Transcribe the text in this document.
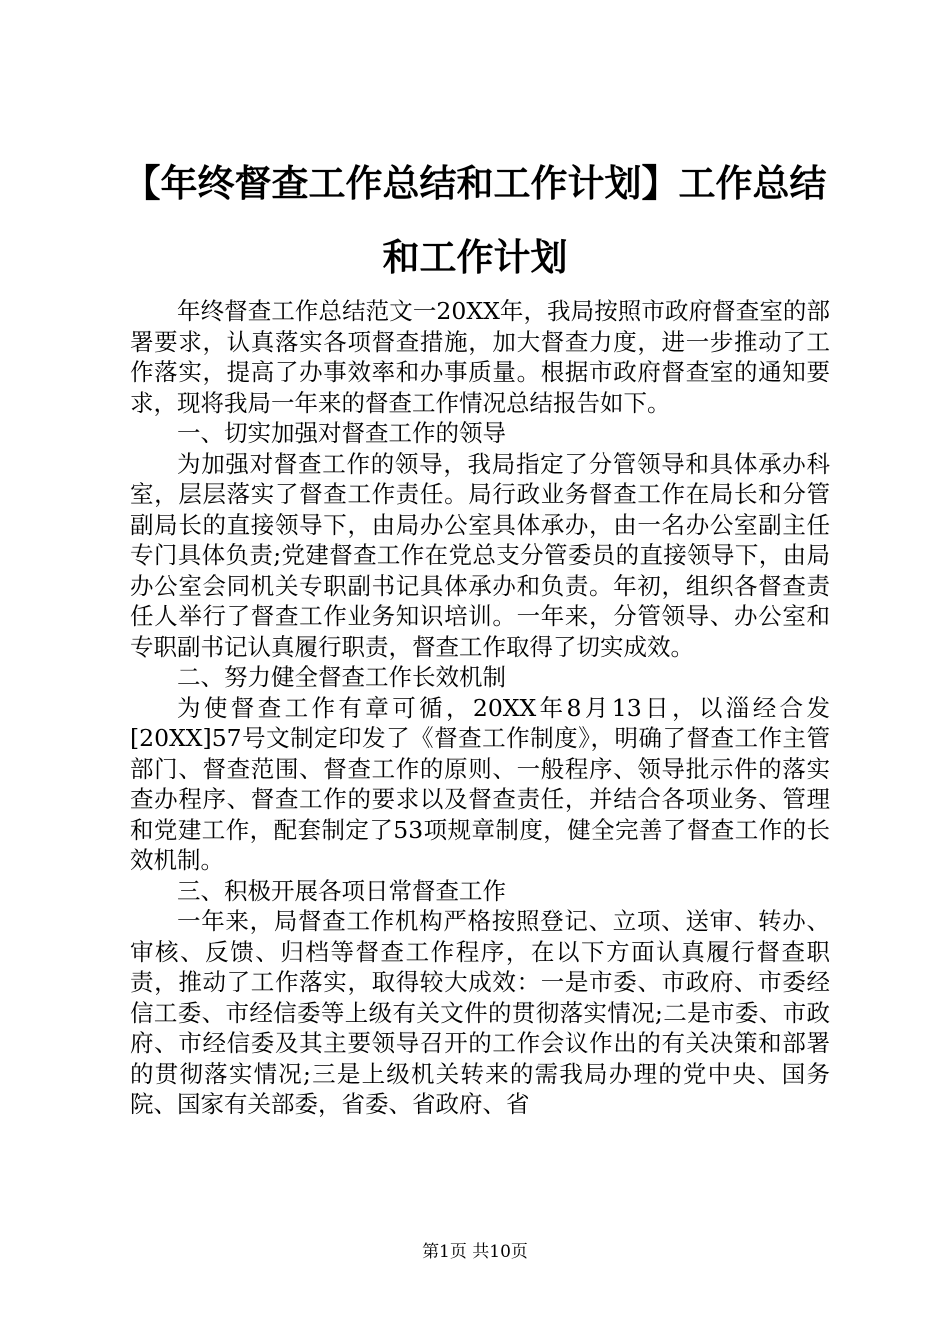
【年终督查工作总结和工作计划】工作总结和工作计划

年终督查工作总结范文一20XX年，我局按照市政府督查室的部署要求，认真落实各项督查措施，加大督查力度，进一步推动了工作落实，提高了办事效率和办事质量。根据市政府督查室的通知要求，现将我局一年来的督查工作情况总结报告如下。

一、切实加强对督查工作的领导

为加强对督查工作的领导，我局指定了分管领导和具体承办科室，层层落实了督查工作责任。局行政业务督查工作在局长和分管副局长的直接领导下，由局办公室具体承办，由一名办公室副主任专门具体负责;党建督查工作在党总支分管委员的直接领导下，由局办公室会同机关专职副书记具体承办和负责。年初，组织各督查责任人举行了督查工作业务知识培训。一年来，分管领导、办公室和专职副书记认真履行职责，督查工作取得了切实成效。

二、努力健全督查工作长效机制

为使督查工作有章可循，20XX年8月13日，以淄经合发[20XX]57号文制定印发了《督查工作制度》，明确了督查工作主管部门、督查范围、督查工作的原则、一般程序、领导批示件的落实查办程序、督查工作的要求以及督查责任，并结合各项业务、管理和党建工作，配套制定了53项规章制度，健全完善了督查工作的长效机制。

三、积极开展各项日常督查工作

一年来，局督查工作机构严格按照登记、立项、送审、转办、审核、反馈、归档等督查工作程序，在以下方面认真履行督查职责，推动了工作落实，取得较大成效：一是市委、市政府、市委经信工委、市经信委等上级有关文件的贯彻落实情况;二是市委、市政府、市经信委及其主要领导召开的工作会议作出的有关决策和部署的贯彻落实情况;三是上级机关转来的需我局办理的党中央、国务院、国家有关部委，省委、省政府、省

第1页 共10页
